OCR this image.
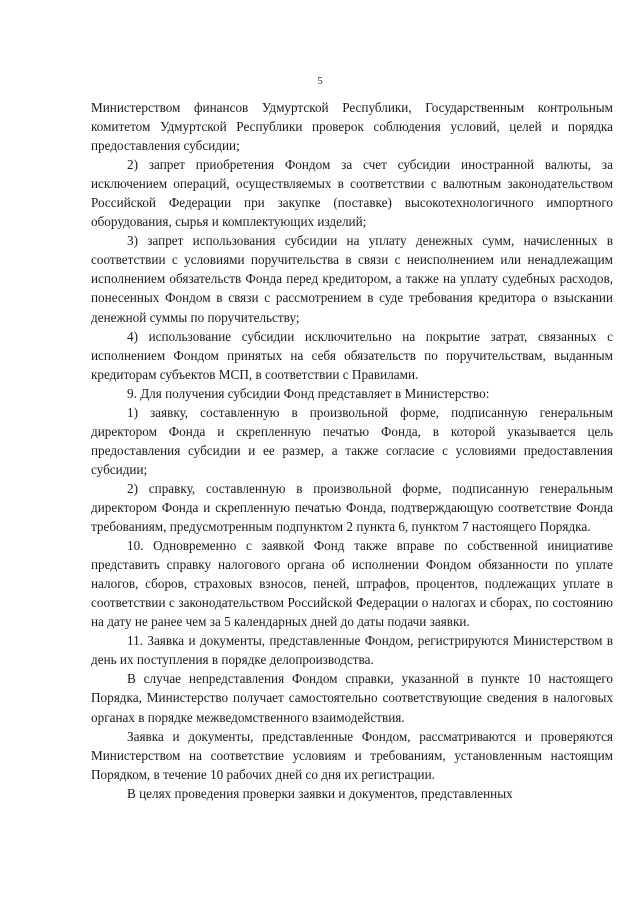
5

Министерством финансов Удмуртской Республики, Государственным контрольным комитетом Удмуртской Республики проверок соблюдения условий, целей и порядка предоставления субсидии;

2) запрет приобретения Фондом за счет субсидии иностранной валюты, за исключением операций, осуществляемых в соответствии с валютным законодательством Российской Федерации при закупке (поставке) высокотехнологичного импортного оборудования, сырья и комплектующих изделий;

3) запрет использования субсидии на уплату денежных сумм, начисленных в соответствии с условиями поручительства в связи с неисполнением или ненадлежащим исполнением обязательств Фонда перед кредитором, а также на уплату судебных расходов, понесенных Фондом в связи с рассмотрением в суде требования кредитора о взыскании денежной суммы по поручительству;

4) использование субсидии исключительно на покрытие затрат, связанных с исполнением Фондом принятых на себя обязательств по поручительствам, выданным кредиторам субъектов МСП, в соответствии с Правилами.

9. Для получения субсидии Фонд представляет в Министерство:

1) заявку, составленную в произвольной форме, подписанную генеральным директором Фонда и скрепленную печатью Фонда, в которой указывается цель предоставления субсидии и ее размер, а также согласие с условиями предоставления субсидии;

2) справку, составленную в произвольной форме, подписанную генеральным директором Фонда и скрепленную печатью Фонда, подтверждающую соответствие Фонда требованиям, предусмотренным подпунктом 2 пункта 6, пунктом 7 настоящего Порядка.

10. Одновременно с заявкой Фонд также вправе по собственной инициативе представить справку налогового органа об исполнении Фондом обязанности по уплате налогов, сборов, страховых взносов, пеней, штрафов, процентов, подлежащих уплате в соответствии с законодательством Российской Федерации о налогах и сборах, по состоянию на дату не ранее чем за 5 календарных дней до даты подачи заявки.

11. Заявка и документы, представленные Фондом, регистрируются Министерством в день их поступления в порядке делопроизводства.

В случае непредставления Фондом справки, указанной в пункте 10 настоящего Порядка, Министерство получает самостоятельно соответствующие сведения в налоговых органах в порядке межведомственного взаимодействия.

Заявка и документы, представленные Фондом, рассматриваются и проверяются Министерством на соответствие условиям и требованиям, установленным настоящим Порядком, в течение 10 рабочих дней со дня их регистрации.

В целях проведения проверки заявки и документов, представленных
